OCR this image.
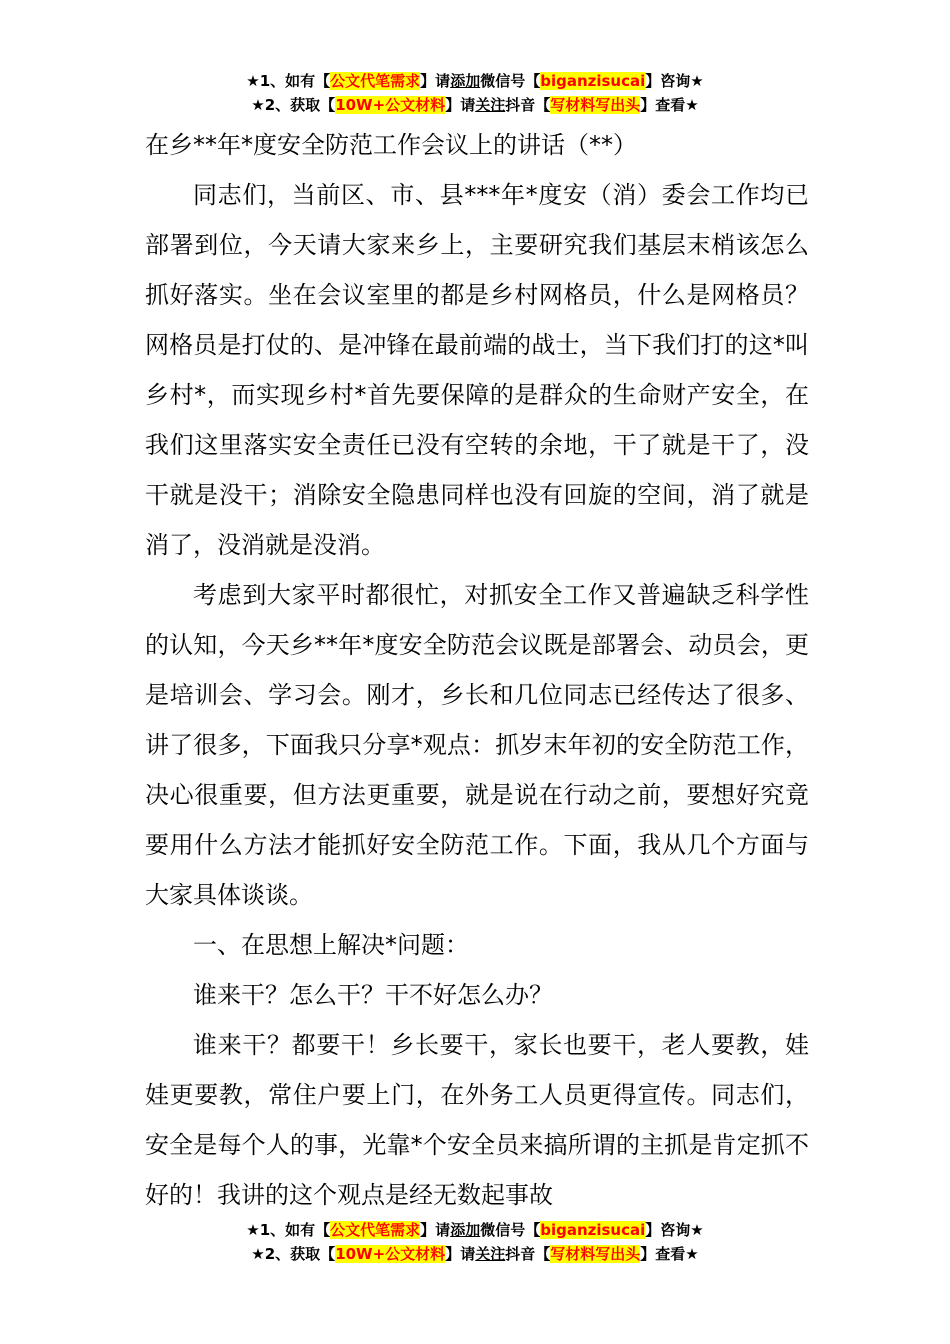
★1、如有【公文代笔需求】请添加微信号【biganzisucai】咨询★
★2、获取【10W+公文材料】请关注抖音【写材料写出头】查看★
在乡**年*度安全防范工作会议上的讲话（**）

同志们，当前区、市、县***年*度安（消）委会工作均已部署到位，今天请大家来乡上，主要研究我们基层末梢该怎么抓好落实。坐在会议室里的都是乡村网格员，什么是网格员？网格员是打仗的、是冲锋在最前端的战士，当下我们打的这*叫乡村*，而实现乡村*首先要保障的是群众的生命财产安全，在我们这里落实安全责任已没有空转的余地，干了就是干了，没干就是没干；消除安全隐患同样也没有回旋的空间，消了就是消了，没消就是没消。

考虑到大家平时都很忙，对抓安全工作又普遍缺乏科学性的认知，今天乡**年*度安全防范会议既是部署会、动员会，更是培训会、学习会。刚才，乡长和几位同志已经传达了很多、讲了很多，下面我只分享*观点：抓岁末年初的安全防范工作，决心很重要，但方法更重要，就是说在行动之前，要想好究竟要用什么方法才能抓好安全防范工作。下面，我从几个方面与大家具体谈谈。

一、在思想上解决*问题：

谁来干？怎么干？干不好怎么办？

谁来干？都要干！乡长要干，家长也要干，老人要教，娃娃更要教，常住户要上门，在外务工人员更得宣传。同志们，安全是每个人的事，光靠*个安全员来搞所谓的主抓是肯定抓不好的！我讲的这个观点是经无数起事故

★1、如有【公文代笔需求】请添加微信号【biganzisucai】咨询★
★2、获取【10W+公文材料】请关注抖音【写材料写出头】查看★
